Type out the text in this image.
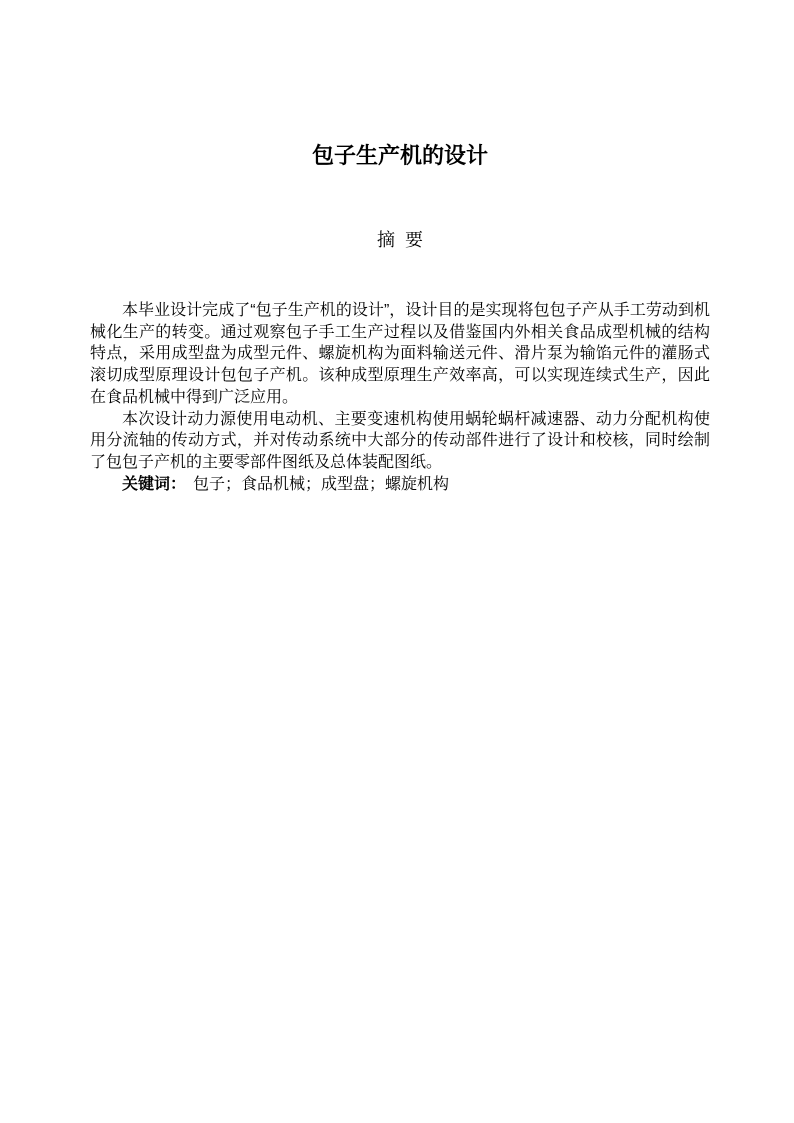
包子生产机的设计
摘  要

本毕业设计完成了“包子生产机的设计”，设计目的是实现将包包子产从手工劳动到机械化生产的转变。通过观察包子手工生产过程以及借鉴国内外相关食品成型机械的结构特点，采用成型盘为成型元件、螺旋机构为面料输送元件、滑片泵为输馅元件的灌肠式滚切成型原理设计包包子产机。该种成型原理生产效率高，可以实现连续式生产，因此在食品机械中得到广泛应用。

本次设计动力源使用电动机、主要变速机构使用蜗轮蜗杆减速器、动力分配机构使用分流轴的传动方式，并对传动系统中大部分的传动部件进行了设计和校核，同时绘制了包包子产机的主要零部件图纸及总体装配图纸。

关键词： 包子；食品机械；成型盘；螺旋机构
